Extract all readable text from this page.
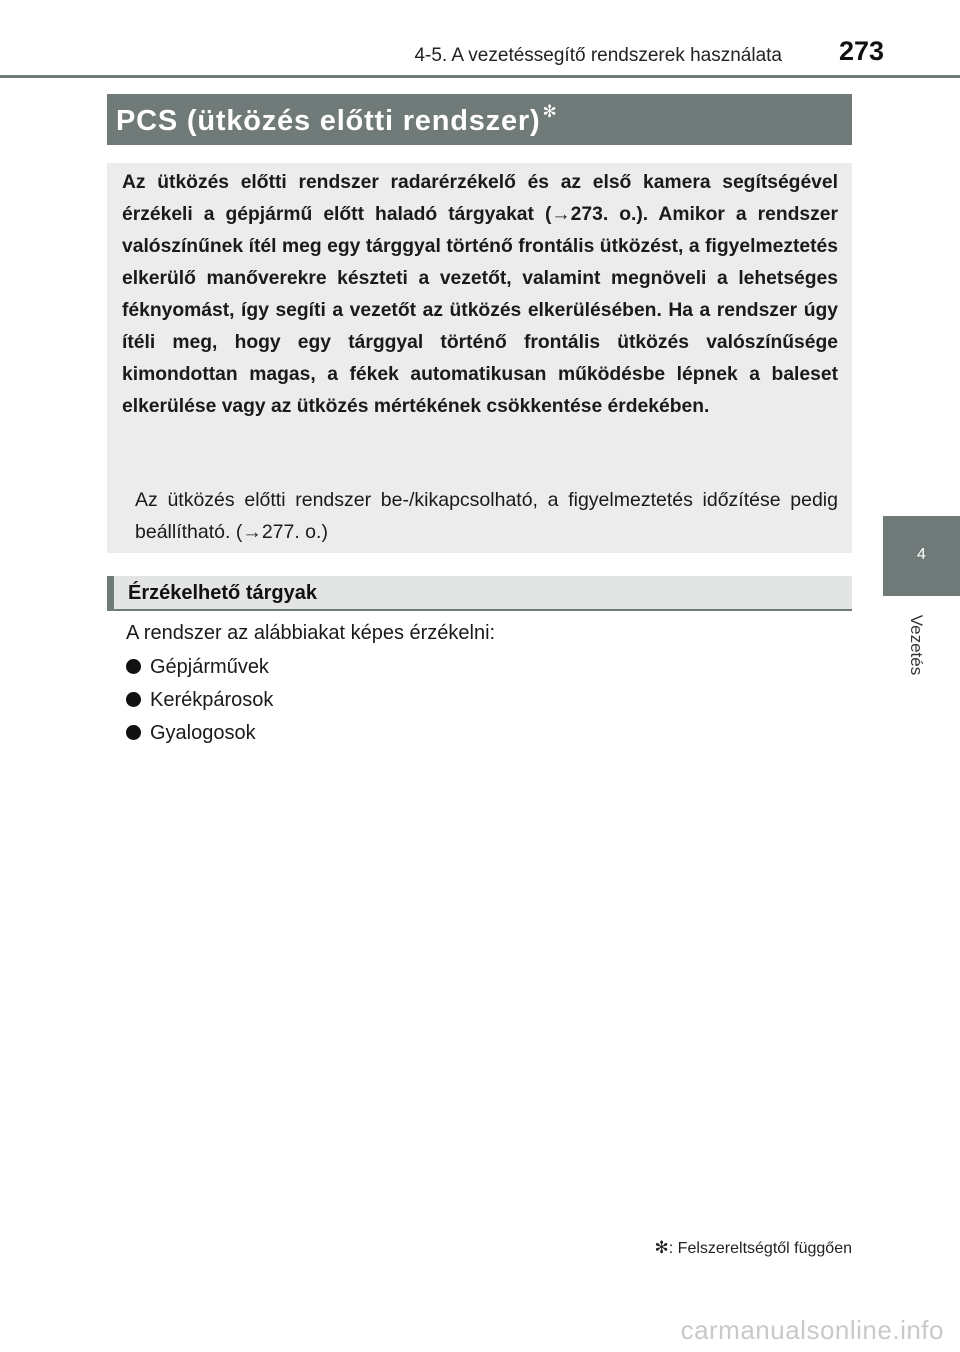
4-5. A vezetéssegítő rendszerek használata 273
4
Vezetés
PCS (ütközés előtti rendszer) ✻

Az ütközés előtti rendszer radarérzékelő és az első kamera segítségével érzékeli a gépjármű előtt haladó tárgyakat (→273. o.). Amikor a rendszer valószínűnek ítél meg egy tárggyal történő frontális ütközést, a figyelmeztetés elkerülő manőverekre készteti a vezetőt, valamint megnöveli a lehetséges féknyomást, így segíti a vezetőt az ütközés elkerülésében. Ha a rendszer úgy ítéli meg, hogy egy tárggyal történő frontális ütközés valószínűsége kimondottan magas, a fékek automatikusan működésbe lépnek a baleset elkerülése vagy az ütközés mértékének csökkentése érdekében.

Az ütközés előtti rendszer be-/kikapcsolható, a figyelmeztetés időzítése pedig beállítható. (→277. o.)

Érzékelhető tárgyak

A rendszer az alábbiakat képes érzékelni:

Gépjárművek
Kerékpárosok
Gyalogosok
✻: Felszereltségtől függően
carmanualsonline.info
